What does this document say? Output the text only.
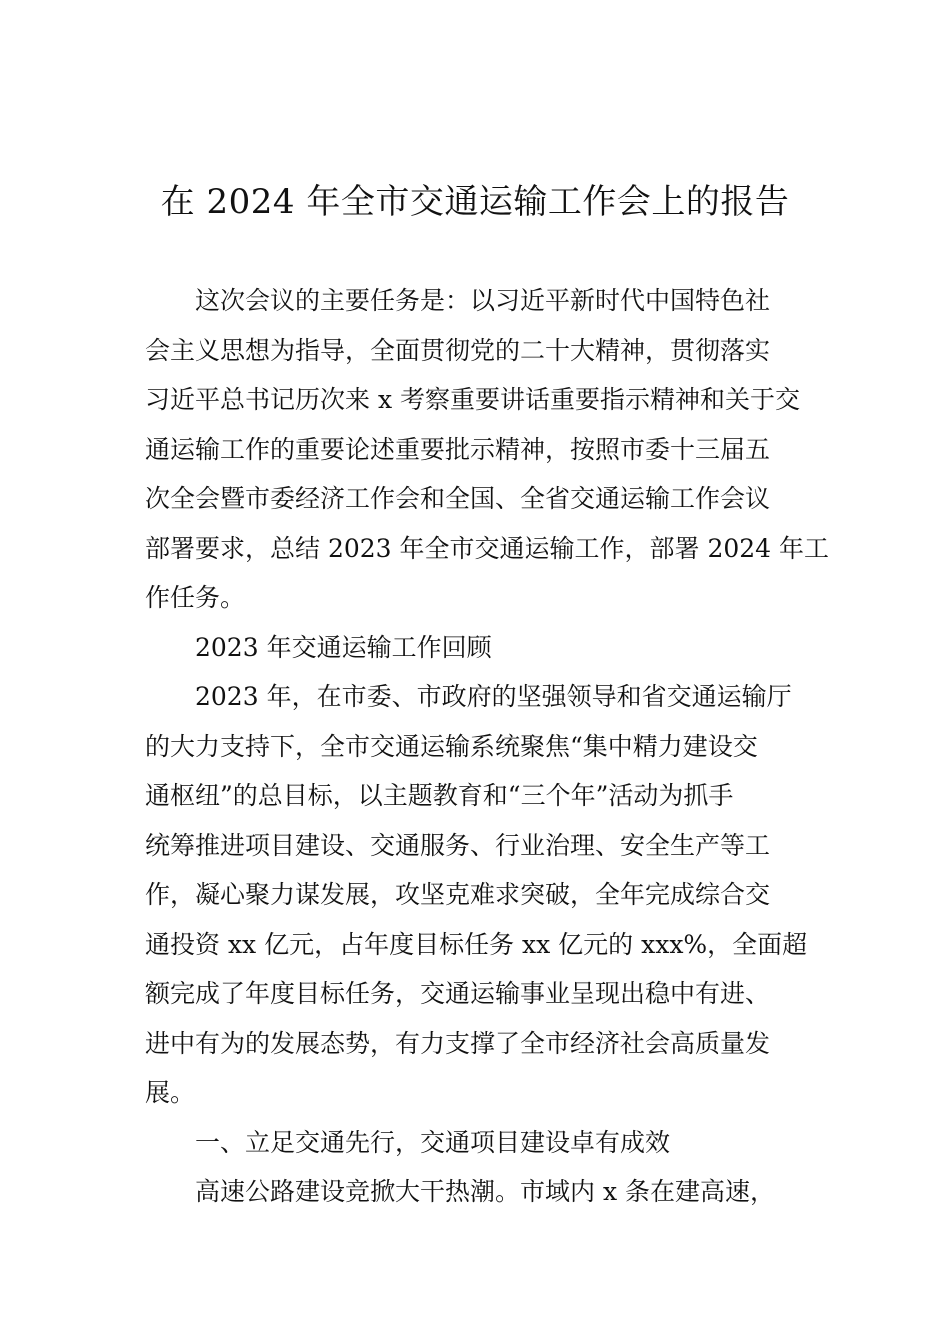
在 2024 年全市交通运输工作会上的报告

这次会议的主要任务是：以习近平新时代中国特色社
会主义思想为指导，全面贯彻党的二十大精神，贯彻落实
习近平总书记历次来 x 考察重要讲话重要指示精神和关于交
通运输工作的重要论述重要批示精神，按照市委十三届五
次全会暨市委经济工作会和全国、全省交通运输工作会议
部署要求，总结 2023 年全市交通运输工作，部署 2024 年工
作任务。

2023 年交通运输工作回顾

2023 年，在市委、市政府的坚强领导和省交通运输厅
的大力支持下，全市交通运输系统聚焦“集中精力建设交
通枢纽”的总目标，以主题教育和“三个年”活动为抓手
统筹推进项目建设、交通服务、行业治理、安全生产等工
作，凝心聚力谋发展，攻坚克难求突破，全年完成综合交
通投资 xx 亿元，占年度目标任务 xx 亿元的 xxx%，全面超
额完成了年度目标任务，交通运输事业呈现出稳中有进、
进中有为的发展态势，有力支撑了全市经济社会高质量发
展。

一、立足交通先行，交通项目建设卓有成效

高速公路建设竞掀大干热潮。市域内 x 条在建高速，
